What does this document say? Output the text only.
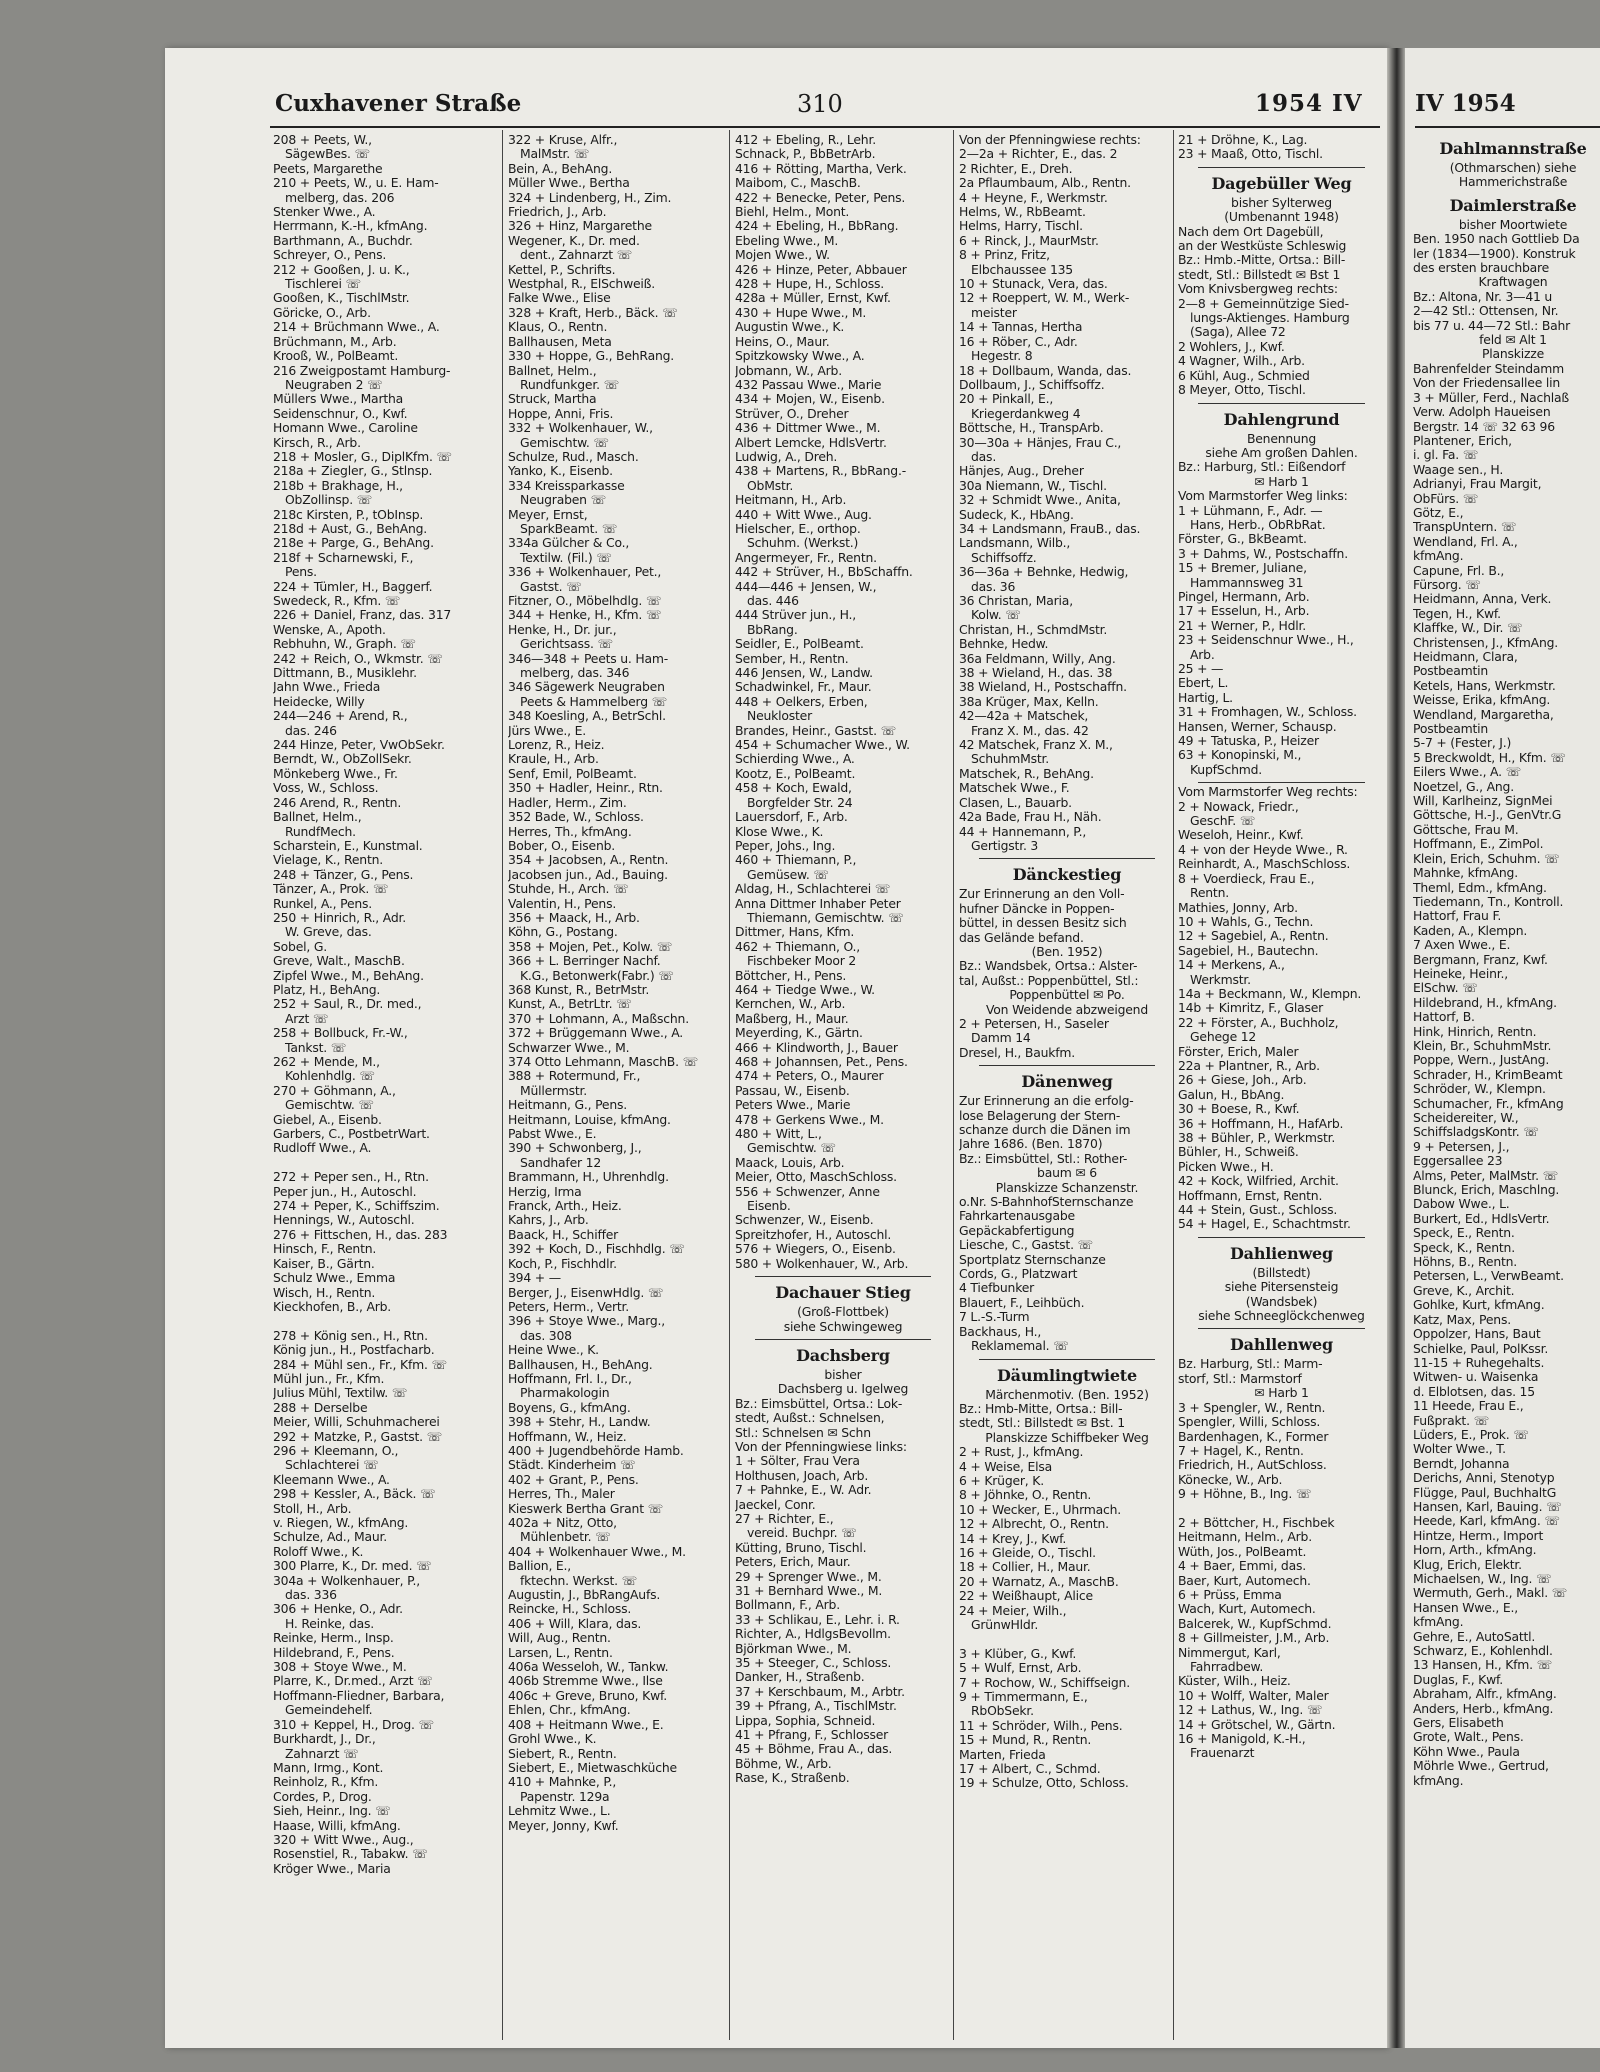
Cuxhavener Straße	310	1954 IV
208 + Peets, W.,
SägewBes. ☏
Peets, Margarethe
210 + Peets, W., u. E. Ham-
melberg, das. 206
Stenker Wwe., A.
Herrmann, K.-H., kfmAng.
Barthmann, A., Buchdr.
Schreyer, O., Pens.
212 + Gooßen, J. u. K.,
Tischlerei ☏
Gooßen, K., TischlMstr.
Göricke, O., Arb.
214 + Brüchmann Wwe., A.
Brüchmann, M., Arb.
Krooß, W., PolBeamt.
216 Zweigpostamt Hamburg-
Neugraben 2 ☏
Müllers Wwe., Martha
Seidenschnur, O., Kwf.
Homann Wwe., Caroline
Kirsch, R., Arb.
218 + Mosler, G., DiplKfm. ☏
218a + Ziegler, G., Stlnsp.
218b + Brakhage, H.,
ObZollinsp. ☏
218c Kirsten, P., tObInsp.
218d + Aust, G., BehAng.
218e + Parge, G., BehAng.
218f + Scharnewski, F.,
Pens.
224 + Tümler, H., Baggerf.
Swedeck, R., Kfm. ☏
226 + Daniel, Franz, das. 317
Wenske, A., Apoth.
Rebhuhn, W., Graph. ☏
242 + Reich, O., Wkmstr. ☏
Dittmann, B., Musiklehr.
Jahn Wwe., Frieda
Heidecke, Willy
244—246 + Arend, R.,
das. 246
244 Hinze, Peter, VwObSekr.
Berndt, W., ObZollSekr.
Mönkeberg Wwe., Fr.
Voss, W., Schloss.
246 Arend, R., Rentn.
Ballnet, Helm.,
RundfMech.
Scharstein, E., Kunstmal.
Vielage, K., Rentn.
248 + Tänzer, G., Pens.
Tänzer, A., Prok. ☏
Runkel, A., Pens.
250 + Hinrich, R., Adr.
W. Greve, das.
Sobel, G.
Greve, Walt., MaschB.
Zipfel Wwe., M., BehAng.
Platz, H., BehAng.
252 + Saul, R., Dr. med.,
Arzt ☏
258 + Bollbuck, Fr.-W.,
Tankst. ☏
262 + Mende, M.,
Kohlenhdlg. ☏
270 + Göhmann, A.,
Gemischtw. ☏
Giebel, A., Eisenb.
Garbers, C., PostbetrWart.
Rudloff Wwe., A.

272 + Peper sen., H., Rtn.
Peper jun., H., Autoschl.
274 + Peper, K., Schiffszim.
Hennings, W., Autoschl.
276 + Fittschen, H., das. 283
Hinsch, F., Rentn.
Kaiser, B., Gärtn.
Schulz Wwe., Emma
Wisch, H., Rentn.
Kieckhofen, B., Arb.

278 + König sen., H., Rtn.
König jun., H., Postfacharb.
284 + Mühl sen., Fr., Kfm. ☏
Mühl jun., Fr., Kfm.
Julius Mühl, Textilw. ☏
288 + Derselbe
Meier, Willi, Schuhmacherei
292 + Matzke, P., Gastst. ☏
296 + Kleemann, O.,
Schlachterei ☏
Kleemann Wwe., A.
298 + Kessler, A., Bäck. ☏
Stoll, H., Arb.
v. Riegen, W., kfmAng.
Schulze, Ad., Maur.
Roloff Wwe., K.
300 Plarre, K., Dr. med. ☏
304a + Wolkenhauer, P.,
das. 336
306 + Henke, O., Adr.
H. Reinke, das.
Reinke, Herm., Insp.
Hildebrand, F., Pens.
308 + Stoye Wwe., M.
Plarre, K., Dr.med., Arzt ☏
Hoffmann-Fliedner, Barbara,
Gemeindehelf.
310 + Keppel, H., Drog. ☏
Burkhardt, J., Dr.,
Zahnarzt ☏
Mann, Irmg., Kont.
Reinholz, R., Kfm.
Cordes, P., Drog.
Sieh, Heinr., Ing. ☏
Haase, Willi, kfmAng.
320 + Witt Wwe., Aug.,
Rosenstiel, R., Tabakw. ☏
Kröger Wwe., Maria
322 + Kruse, Alfr.,
MalMstr. ☏
Bein, A., BehAng.
Müller Wwe., Bertha
324 + Lindenberg, H., Zim.
Friedrich, J., Arb.
326 + Hinz, Margarethe
Wegener, K., Dr. med.
dent., Zahnarzt ☏
Kettel, P., Schrifts.
Westphal, R., ElSchweiß.
Falke Wwe., Elise
328 + Kraft, Herb., Bäck. ☏
Klaus, O., Rentn.
Ballhausen, Meta
330 + Hoppe, G., BehRang.
Ballnet, Helm.,
Rundfunkger. ☏
Struck, Martha
Hoppe, Anni, Fris.
332 + Wolkenhauer, W.,
Gemischtw. ☏
Schulze, Rud., Masch.
Yanko, K., Eisenb.
334 Kreissparkasse
Neugraben ☏
Meyer, Ernst,
SparkBeamt. ☏
334a Gülcher & Co.,
Textilw. (Fil.) ☏
336 + Wolkenhauer, Pet.,
Gastst. ☏
Fitzner, O., Möbelhdlg. ☏
344 + Henke, H., Kfm. ☏
Henke, H., Dr. jur.,
Gerichtsass. ☏
346—348 + Peets u. Ham-
melberg, das. 346
346 Sägewerk Neugraben
Peets & Hammelberg ☏
348 Koesling, A., BetrSchl.
Jürs Wwe., E.
Lorenz, R., Heiz.
Kraule, H., Arb.
Senf, Emil, PolBeamt.
350 + Hadler, Heinr., Rtn.
Hadler, Herm., Zim.
352 Bade, W., Schloss.
Herres, Th., kfmAng.
Bober, O., Eisenb.
354 + Jacobsen, A., Rentn.
Jacobsen jun., Ad., Bauing.
Stuhde, H., Arch. ☏
Valentin, H., Pens.
356 + Maack, H., Arb.
Köhn, G., Postang.
358 + Mojen, Pet., Kolw. ☏
366 + L. Berringer Nachf.
K.G., Betonwerk(Fabr.) ☏
368 Kunst, R., BetrMstr.
Kunst, A., BetrLtr. ☏
370 + Lohmann, A., Maßschn.
372 + Brüggemann Wwe., A.
Schwarzer Wwe., M.
374 Otto Lehmann, MaschB. ☏
388 + Rotermund, Fr.,
Müllermstr.
Heitmann, G., Pens.
Heitmann, Louise, kfmAng.
Pabst Wwe., E.
390 + Schwonberg, J.,
Sandhafer 12
Brammann, H., Uhrenhdlg.
Herzig, Irma
Franck, Arth., Heiz.
Kahrs, J., Arb.
Baack, H., Schiffer
392 + Koch, D., Fischhdlg. ☏
Koch, P., Fischhdlr.
394 + —
Berger, J., EisenwHdlg. ☏
Peters, Herm., Vertr.
396 + Stoye Wwe., Marg.,
das. 308
Heine Wwe., K.
Ballhausen, H., BehAng.
Hoffmann, Frl. I., Dr.,
Pharmakologin
Boyens, G., kfmAng.
398 + Stehr, H., Landw.
Hoffmann, W., Heiz.
400 + Jugendbehörde Hamb.
Städt. Kinderheim ☏
402 + Grant, P., Pens.
Herres, Th., Maler
Kieswerk Bertha Grant ☏
402a + Nitz, Otto,
Mühlenbetr. ☏
404 + Wolkenhauer Wwe., M.
Ballion, E.,
fktechn. Werkst. ☏
Augustin, J., BbRangAufs.
Reincke, H., Schloss.
406 + Will, Klara, das.
Will, Aug., Rentn.
Larsen, L., Rentn.
406a Wesseloh, W., Tankw.
406b Stremme Wwe., Ilse
406c + Greve, Bruno, Kwf.
Ehlen, Chr., kfmAng.
408 + Heitmann Wwe., E.
Grohl Wwe., K.
Siebert, R., Rentn.
Siebert, E., Mietwaschküche
410 + Mahnke, P.,
Papenstr. 129a
Lehmitz Wwe., L.
Meyer, Jonny, Kwf.
412 + Ebeling, R., Lehr.
Schnack, P., BbBetrArb.
416 + Rötting, Martha, Verk.
Maibom, C., MaschB.
422 + Benecke, Peter, Pens.
Biehl, Helm., Mont.
424 + Ebeling, H., BbRang.
Ebeling Wwe., M.
Mojen Wwe., W.
426 + Hinze, Peter, Abbauer
428 + Hupe, H., Schloss.
428a + Müller, Ernst, Kwf.
430 + Hupe Wwe., M.
Augustin Wwe., K.
Heins, O., Maur.
Spitzkowsky Wwe., A.
Jobmann, W., Arb.
432 Passau Wwe., Marie
434 + Mojen, W., Eisenb.
Strüver, O., Dreher
436 + Dittmer Wwe., M.
Albert Lemcke, HdlsVertr.
Ludwig, A., Dreh.
438 + Martens, R., BbRang.-
ObMstr.
Heitmann, H., Arb.
440 + Witt Wwe., Aug.
Hielscher, E., orthop.
Schuhm. (Werkst.)
Angermeyer, Fr., Rentn.
442 + Strüver, H., BbSchaffn.
444—446 + Jensen, W.,
das. 446
444 Strüver jun., H.,
BbRang.
Seidler, E., PolBeamt.
Sember, H., Rentn.
446 Jensen, W., Landw.
Schadwinkel, Fr., Maur.
448 + Oelkers, Erben,
Neukloster
Brandes, Heinr., Gastst. ☏
454 + Schumacher Wwe., W.
Schierding Wwe., A.
Kootz, E., PolBeamt.
458 + Koch, Ewald,
Borgfelder Str. 24
Lauersdorf, F., Arb.
Klose Wwe., K.
Peper, Johs., Ing.
460 + Thiemann, P.,
Gemüsew. ☏
Aldag, H., Schlachterei ☏
Anna Dittmer Inhaber Peter
Thiemann, Gemischtw. ☏
Dittmer, Hans, Kfm.
462 + Thiemann, O.,
Fischbeker Moor 2
Böttcher, H., Pens.
464 + Tiedge Wwe., W.
Kernchen, W., Arb.
Maßberg, H., Maur.
Meyerding, K., Gärtn.
466 + Klindworth, J., Bauer
468 + Johannsen, Pet., Pens.
474 + Peters, O., Maurer
Passau, W., Eisenb.
Peters Wwe., Marie
478 + Gerkens Wwe., M.
480 + Witt, L.,
Gemischtw. ☏
Maack, Louis, Arb.
Meier, Otto, MaschSchloss.
556 + Schwenzer, Anne
Eisenb.
Schwenzer, W., Eisenb.
Spreitzhofer, H., Autoschl.
576 + Wiegers, O., Eisenb.
580 + Wolkenhauer, W., Arb.
Dachauer Stieg
(Groß-Flottbek)
siehe Schwingeweg
Dachsberg
bisher
Dachsberg u. Igelweg
Bz.: Eimsbüttel, Ortsa.: Lok-
stedt, Außst.: Schnelsen,
Stl.: Schnelsen ✉ Schn
Von der Pfenningwiese links:
1 + Sölter, Frau Vera
Holthusen, Joach, Arb.
7 + Pahnke, E., W. Adr.
Jaeckel, Conr.
27 + Richter, E.,
vereid. Buchpr. ☏
Kütting, Bruno, Tischl.
Peters, Erich, Maur.
29 + Sprenger Wwe., M.
31 + Bernhard Wwe., M.
Bollmann, F., Arb.
33 + Schlikau, E., Lehr. i. R.
Richter, A., HdlgsBevollm.
Björkman Wwe., M.
35 + Steeger, C., Schloss.
Danker, H., Straßenb.
37 + Kerschbaum, M., Arbtr.
39 + Pfrang, A., TischlMstr.
Lippa, Sophia, Schneid.
41 + Pfrang, F., Schlosser
45 + Böhme, Frau A., das.
Böhme, W., Arb.
Rase, K., Straßenb.
Von der Pfenningwiese rechts:
2—2a + Richter, E., das. 2
2 Richter, E., Dreh.
2a Pflaumbaum, Alb., Rentn.
4 + Heyne, F., Werkmstr.
Helms, W., RbBeamt.
Helms, Harry, Tischl.
6 + Rinck, J., MaurMstr.
8 + Prinz, Fritz,
Elbchaussee 135
10 + Stunack, Vera, das.
12 + Roeppert, W. M., Werk-
meister
14 + Tannas, Hertha
16 + Röber, C., Adr.
Hegestr. 8
18 + Dollbaum, Wanda, das.
Dollbaum, J., Schiffsoffz.
20 + Pinkall, E.,
Kriegerdankweg 4
Böttsche, H., TranspArb.
30—30a + Hänjes, Frau C.,
das.
Hänjes, Aug., Dreher
30a Niemann, W., Tischl.
32 + Schmidt Wwe., Anita,
Sudeck, K., HbAng.
34 + Landsmann, FrauB., das.
Landsmann, Wilb.,
Schiffsoffz.
36—36a + Behnke, Hedwig,
das. 36
36 Christan, Maria,
Kolw. ☏
Christan, H., SchmdMstr.
Behnke, Hedw.
36a Feldmann, Willy, Ang.
38 + Wieland, H., das. 38
38 Wieland, H., Postschaffn.
38a Krüger, Max, Kelln.
42—42a + Matschek,
Franz X. M., das. 42
42 Matschek, Franz X. M.,
SchuhmMstr.
Matschek, R., BehAng.
Matschek Wwe., F.
Clasen, L., Bauarb.
42a Bade, Frau H., Näh.
44 + Hannemann, P.,
Gertigstr. 3
Dänckestieg
Zur Erinnerung an den Voll-
hufner Däncke in Poppen-
büttel, in dessen Besitz sich
das Gelände befand.
(Ben. 1952)
Bz.: Wandsbek, Ortsa.: Alster-
tal, Außst.: Poppenbüttel, Stl.:
Poppenbüttel ✉ Po.
Von Weidende abzweigend
2 + Petersen, H., Saseler
Damm 14
Dresel, H., Baukfm.
Dänenweg
Zur Erinnerung an die erfolg-
lose Belagerung der Stern-
schanze durch die Dänen im
Jahre 1686. (Ben. 1870)
Bz.: Eimsbüttel, Stl.: Rother-
baum ✉ 6
Planskizze Schanzenstr.
o.Nr. S-BahnhofSternschanze
Fahrkartenausgabe
Gepäckabfertigung
Liesche, C., Gastst. ☏
Sportplatz Sternschanze
Cords, G., Platzwart
4 Tiefbunker
Blauert, F., Leihbüch.
7 L.-S.-Turm
Backhaus, H.,
Reklamemal. ☏
Däumlingtwiete
Märchenmotiv. (Ben. 1952)
Bz.: Hmb-Mitte, Ortsa.: Bill-
stedt, Stl.: Billstedt ✉ Bst. 1
Planskizze Schiffbeker Weg
2 + Rust, J., kfmAng.
4 + Weise, Elsa
6 + Krüger, K.
8 + Jöhnke, O., Rentn.
10 + Wecker, E., Uhrmach.
12 + Albrecht, O., Rentn.
14 + Krey, J., Kwf.
16 + Gleide, O., Tischl.
18 + Collier, H., Maur.
20 + Warnatz, A., MaschB.
22 + Weißhaupt, Alice
24 + Meier, Wilh.,
GrünwHldr.

3 + Klüber, G., Kwf.
5 + Wulf, Ernst, Arb.
7 + Rochow, W., Schiffseign.
9 + Timmermann, E.,
RbObSekr.
11 + Schröder, Wilh., Pens.
15 + Mund, R., Rentn.
Marten, Frieda
17 + Albert, C., Schmd.
19 + Schulze, Otto, Schloss.
21 + Dröhne, K., Lag.
23 + Maaß, Otto, Tischl.
Dagebüller Weg
bisher Sylterweg
(Umbenannt 1948)
Nach dem Ort Dagebüll,
an der Westküste Schleswig
Bz.: Hmb.-Mitte, Ortsa.: Bill-
stedt, Stl.: Billstedt ✉ Bst 1
Vom Knivsbergweg rechts:
2—8 + Gemeinnützige Sied-
lungs-Aktienges. Hamburg
(Saga), Allee 72
2 Wohlers, J., Kwf.
4 Wagner, Wilh., Arb.
6 Kühl, Aug., Schmied
8 Meyer, Otto, Tischl.
Dahlengrund
Benennung
siehe Am großen Dahlen.
Bz.: Harburg, Stl.: Eißendorf
✉ Harb 1
Vom Marmstorfer Weg links:
1 + Lühmann, F., Adr. —
Hans, Herb., ObRbRat.
Förster, G., BkBeamt.
3 + Dahms, W., Postschaffn.
15 + Bremer, Juliane,
Hammannsweg 31
Pingel, Hermann, Arb.
17 + Esselun, H., Arb.
21 + Werner, P., Hdlr.
23 + Seidenschnur Wwe., H.,
Arb.
25 + —
Ebert, L.
Hartig, L.
31 + Fromhagen, W., Schloss.
Hansen, Werner, Schausp.
49 + Tatuska, P., Heizer
63 + Konopinski, M.,
KupfSchmd.
Vom Marmstorfer Weg rechts:
2 + Nowack, Friedr.,
GeschF. ☏
Weseloh, Heinr., Kwf.
4 + von der Heyde Wwe., R.
Reinhardt, A., MaschSchloss.
8 + Voerdieck, Frau E.,
Rentn.
Mathies, Jonny, Arb.
10 + Wahls, G., Techn.
12 + Sagebiel, A., Rentn.
Sagebiel, H., Bautechn.
14 + Merkens, A.,
Werkmstr.
14a + Beckmann, W., Klempn.
14b + Kimritz, F., Glaser
22 + Förster, A., Buchholz,
Gehege 12
Förster, Erich, Maler
22a + Plantner, R., Arb.
26 + Giese, Joh., Arb.
Galun, H., BbAng.
30 + Boese, R., Kwf.
36 + Hoffmann, H., HafArb.
38 + Bühler, P., Werkmstr.
Bühler, H., Schweiß.
Picken Wwe., H.
42 + Kock, Wilfried, Archit.
Hoffmann, Ernst, Rentn.
44 + Stein, Gust., Schloss.
54 + Hagel, E., Schachtmstr.
Dahlienweg
(Billstedt)
siehe Pitersensteig
(Wandsbek)
siehe Schneeglöckchenweg
Dahllenweg
Bz. Harburg, Stl.: Marm-
storf, Stl.: Marmstorf
✉ Harb 1
3 + Spengler, W., Rentn.
Spengler, Willi, Schloss.
Bardenhagen, K., Former
7 + Hagel, K., Rentn.
Friedrich, H., AutSchloss.
Könecke, W., Arb.
9 + Höhne, B., Ing. ☏

2 + Böttcher, H., Fischbek
Heitmann, Helm., Arb.
Wüth, Jos., PolBeamt.
4 + Baer, Emmi, das.
Baer, Kurt, Automech.
6 + Prüss, Emma
Wach, Kurt, Automech.
Balcerek, W., KupfSchmd.
8 + Gillmeister, J.M., Arb.
Nimmergut, Karl,
Fahrradbew.
Küster, Wilh., Heiz.
10 + Wolff, Walter, Maler
12 + Lathus, W., Ing. ☏
14 + Grötschel, W., Gärtn.
16 + Manigold, K.-H.,
Frauenarzt
IV 1954
Dahlmannstraße
(Othmarschen) siehe
Hammerichstraße
Daimlerstraße
bisher Moortwiete
Ben. 1950 nach Gottlieb Da
ler (1834—1900). Konstruk
des ersten brauchbare
Kraftwagen
Bz.: Altona, Nr. 3—41 u
2—42 Stl.: Ottensen, Nr.
bis 77 u. 44—72 Stl.: Bahr
feld ✉ Alt 1
Planskizze
Bahrenfelder Steindamm
Von der Friedensallee lin
3 + Müller, Ferd., Nachlaß
Verw. Adolph Haueisen
Bergstr. 14 ☏ 32 63 96
Plantener, Erich,
i. gl. Fa. ☏
Waage sen., H.
Adrianyi, Frau Margit,
ObFürs. ☏
Götz, E.,
TranspUntern. ☏
Wendland, Frl. A.,
kfmAng.
Capune, Frl. B.,
Fürsorg. ☏
Heidmann, Anna, Verk.
Tegen, H., Kwf.
Klaffke, W., Dir. ☏
Christensen, J., KfmAng.
Heidmann, Clara,
Postbeamtin
Ketels, Hans, Werkmstr.
Weisse, Erika, kfmAng.
Wendland, Margaretha,
Postbeamtin
5-7 + (Fester, J.)
5 Breckwoldt, H., Kfm. ☏
Eilers Wwe., A. ☏
Noetzel, G., Ang.
Will, Karlheinz, SignMei
Göttsche, H.-J., GenVtr.G
Göttsche, Frau M.
Hoffmann, E., ZimPol.
Klein, Erich, Schuhm. ☏
Mahnke, kfmAng.
Theml, Edm., kfmAng.
Tiedemann, Tn., Kontroll.
Hattorf, Frau F.
Kaden, A., Klempn.
7 Axen Wwe., E.
Bergmann, Franz, Kwf.
Heineke, Heinr.,
ElSchw. ☏
Hildebrand, H., kfmAng.
Hattorf, B.
Hink, Hinrich, Rentn.
Klein, Br., SchuhmMstr.
Poppe, Wern., JustAng.
Schrader, H., KrimBeamt
Schröder, W., Klempn.
Schumacher, Fr., kfmAng
Scheidereiter, W.,
SchiffsladgsKontr. ☏
9 + Petersen, J.,
Eggersallee 23
Alms, Peter, MalMstr. ☏
Blunck, Erich, Maschlng.
Dabow Wwe., L.
Burkert, Ed., HdlsVertr.
Speck, E., Rentn.
Speck, K., Rentn.
Höhns, B., Rentn.
Petersen, L., VerwBeamt.
Greve, K., Archit.
Gohlke, Kurt, kfmAng.
Katz, Max, Pens.
Oppolzer, Hans, Baut
Schielke, Paul, PolKssr.
11-15 + Ruhegehalts.
Witwen- u. Waisenka
d. Elblotsen, das. 15
11 Heede, Frau E.,
Fußprakt. ☏
Lüders, E., Prok. ☏
Wolter Wwe., T.
Berndt, Johanna
Derichs, Anni, Stenotyp
Flügge, Paul, BuchhaltG
Hansen, Karl, Bauing. ☏
Heede, Karl, kfmAng. ☏
Hintze, Herm., Import
Horn, Arth., kfmAng.
Klug, Erich, Elektr.
Michaelsen, W., Ing. ☏
Wermuth, Gerh., Makl. ☏
Hansen Wwe., E.,
kfmAng.
Gehre, E., AutoSattl.
Schwarz, E., Kohlenhdl.
13 Hansen, H., Kfm. ☏
Duglas, F., Kwf.
Abraham, Alfr., kfmAng.
Anders, Herb., kfmAng.
Gers, Elisabeth
Grote, Walt., Pens.
Köhn Wwe., Paula
Möhrle Wwe., Gertrud,
kfmAng.
